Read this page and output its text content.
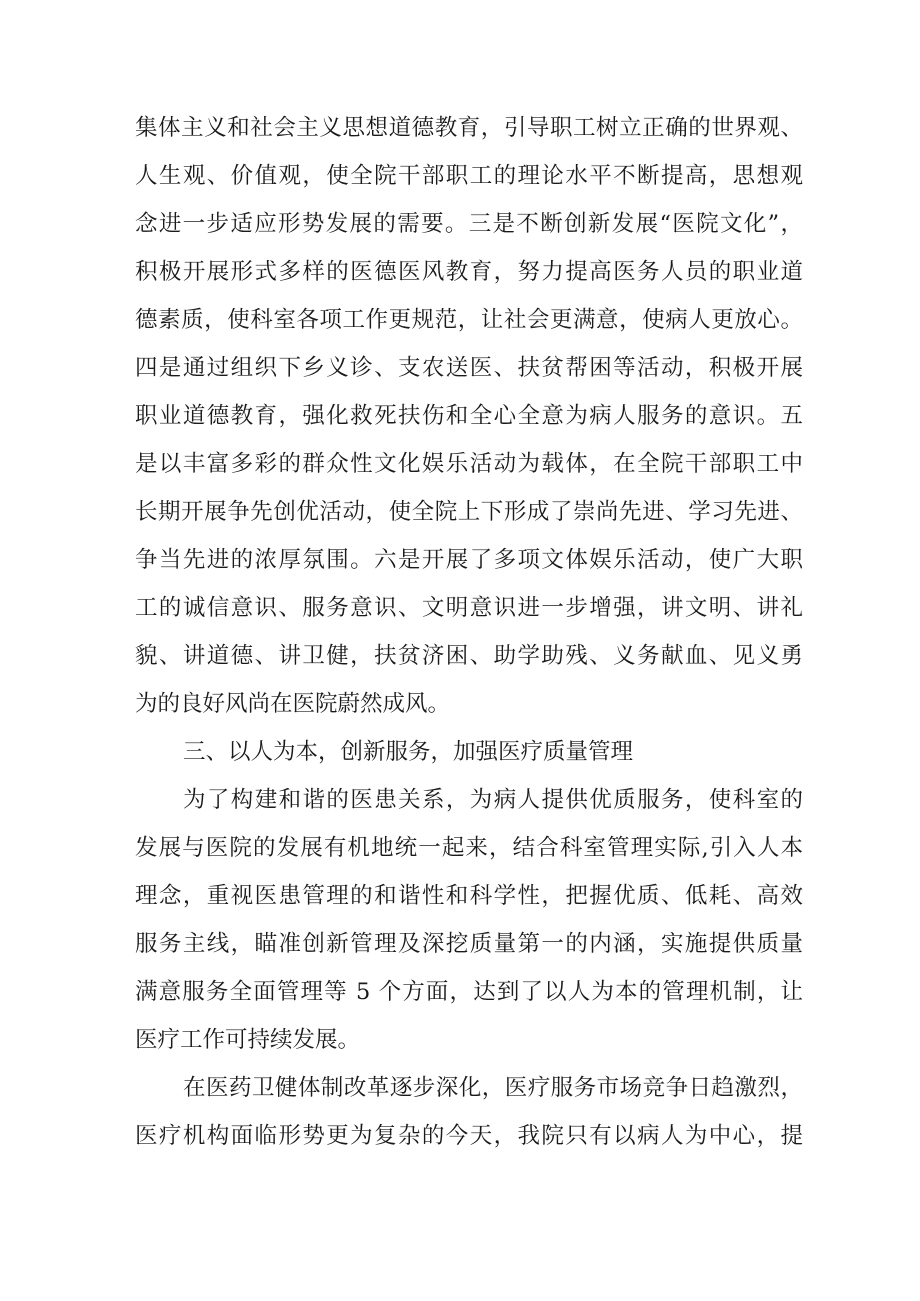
集体主义和社会主义思想道德教育，引导职工树立正确的世界观、
人生观、价值观，使全院干部职工的理论水平不断提高，思想观
念进一步适应形势发展的需要。三是不断创新发展“医院文化”，
积极开展形式多样的医德医风教育，努力提高医务人员的职业道
德素质，使科室各项工作更规范，让社会更满意，使病人更放心。
四是通过组织下乡义诊、支农送医、扶贫帮困等活动，积极开展
职业道德教育，强化救死扶伤和全心全意为病人服务的意识。五
是以丰富多彩的群众性文化娱乐活动为载体，在全院干部职工中
长期开展争先创优活动，使全院上下形成了崇尚先进、学习先进、
争当先进的浓厚氛围。六是开展了多项文体娱乐活动，使广大职
工的诚信意识、服务意识、文明意识进一步增强，讲文明、讲礼
貌、讲道德、讲卫健，扶贫济困、助学助残、义务献血、见义勇
为的良好风尚在医院蔚然成风。
三、以人为本，创新服务，加强医疗质量管理
为了构建和谐的医患关系，为病人提供优质服务，使科室的
发展与医院的发展有机地统一起来，结合科室管理实际,引入人本
理念，重视医患管理的和谐性和科学性，把握优质、低耗、高效
服务主线，瞄准创新管理及深挖质量第一的内涵，实施提供质量
满意服务全面管理等 5 个方面，达到了以人为本的管理机制，让
医疗工作可持续发展。
在医药卫健体制改革逐步深化，医疗服务市场竞争日趋激烈，
医疗机构面临形势更为复杂的今天，我院只有以病人为中心，提
